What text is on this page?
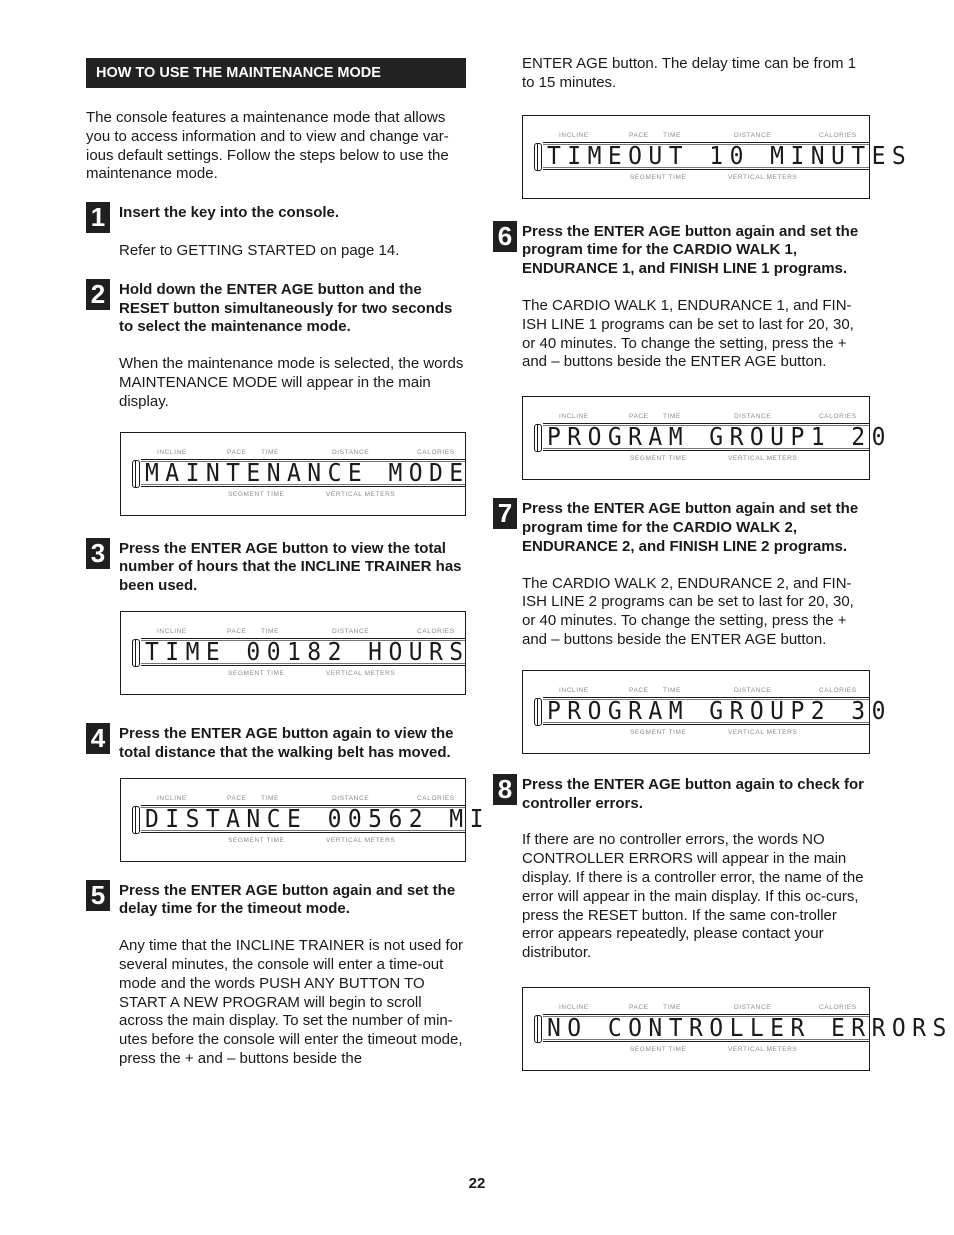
HOW TO USE THE MAINTENANCE MODE

The console features a maintenance mode that allows you to access information and to view and change var-ious default settings. Follow the steps below to use the maintenance mode.

1 Insert the key into the console.

Refer to GETTING STARTED on page 14.

2 Hold down the ENTER AGE button and the RESET button simultaneously for two seconds to select the maintenance mode.

When the maintenance mode is selected, the words MAINTENANCE MODE will appear in the main display.

INCLINE	PACE TIME	DISTANCE	CALORIES
SEGMENT TIME	VERTICAL METERS
MAINTENANCE MODE
3 Press the ENTER AGE button to view the total number of hours that the INCLINE TRAINER has been used.

INCLINE	PACE TIME	DISTANCE	CALORIES
SEGMENT TIME	VERTICAL METERS
TIME 00182 HOURS
4 Press the ENTER AGE button again to view the total distance that the walking belt has moved.

INCLINE	PACE TIME	DISTANCE	CALORIES
SEGMENT TIME	VERTICAL METERS
DISTANCE 00562 MI
5 Press the ENTER AGE button again and set the delay time for the timeout mode.

Any time that the INCLINE TRAINER is not used for several minutes, the console will enter a time-out mode and the words PUSH ANY BUTTON TO START A NEW PROGRAM will begin to scroll across the main display. To set the number of min-utes before the console will enter the timeout mode, press the + and – buttons beside the

ENTER AGE button. The delay time can be from 1 to 15 minutes.

INCLINE	PACE TIME	DISTANCE	CALORIES
SEGMENT TIME	VERTICAL METERS
TIMEOUT 10 MINUTES
6 Press the ENTER AGE button again and set the program time for the CARDIO WALK 1, ENDURANCE 1, and FINISH LINE 1 programs.

The CARDIO WALK 1, ENDURANCE 1, and FIN-ISH LINE 1 programs can be set to last for 20, 30, or 40 minutes. To change the setting, press the + and – buttons beside the ENTER AGE button.

INCLINE	PACE TIME	DISTANCE	CALORIES
SEGMENT TIME	VERTICAL METERS
PROGRAM GROUP1 20
7 Press the ENTER AGE button again and set the program time for the CARDIO WALK 2, ENDURANCE 2, and FINISH LINE 2 programs.

The CARDIO WALK 2, ENDURANCE 2, and FIN-ISH LINE 2 programs can be set to last for 20, 30, or 40 minutes. To change the setting, press the + and – buttons beside the ENTER AGE button.

INCLINE	PACE TIME	DISTANCE	CALORIES
SEGMENT TIME	VERTICAL METERS
PROGRAM GROUP2 30
8 Press the ENTER AGE button again to check for controller errors.

If there are no controller errors, the words NO CONTROLLER ERRORS will appear in the main display. If there is a controller error, the name of the error will appear in the main display. If this oc-curs, press the RESET button. If the same con-troller error appears repeatedly, please contact your distributor.

INCLINE	PACE TIME	DISTANCE	CALORIES
SEGMENT TIME	VERTICAL METERS
NO CONTROLLER ERRORS
22
